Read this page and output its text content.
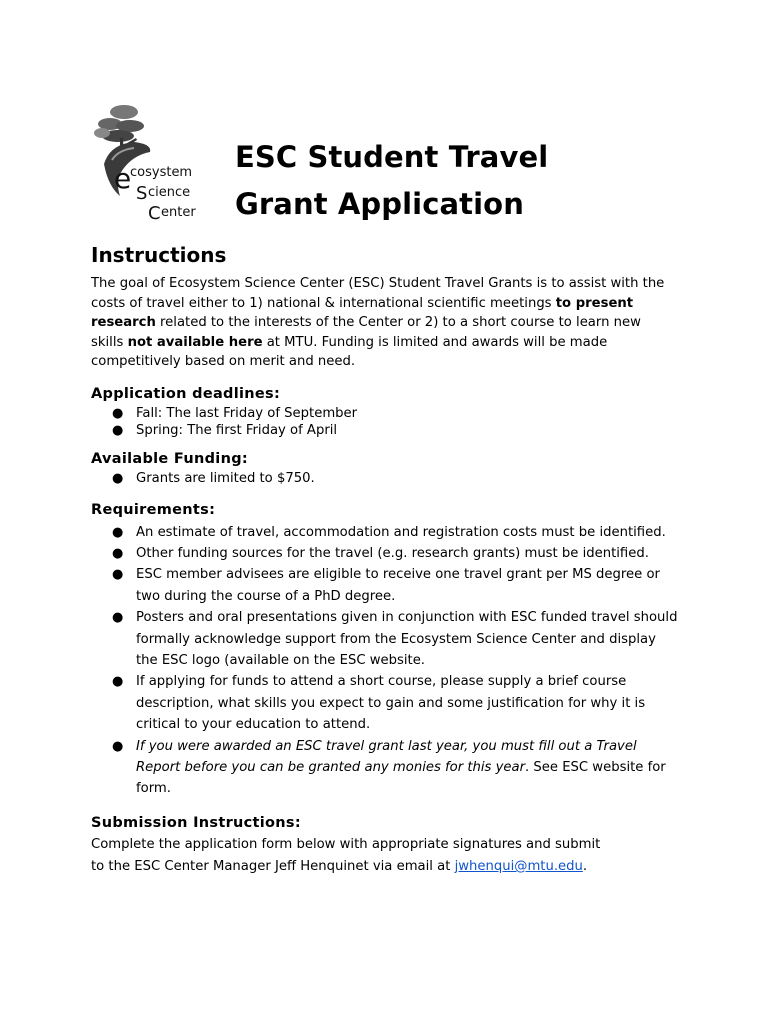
e
cosystem
S cience
C enter
ESC Student Travel
Grant Application
Instructions

The goal of Ecosystem Science Center (ESC) Student Travel Grants is to assist with the costs of travel either to 1) national & international scientific meetings to present research related to the interests of the Center or 2) to a short course to learn new skills not available here at MTU. Funding is limited and awards will be made competitively based on merit and need.

Application deadlines:
● Fall: The last Friday of September
● Spring: The first Friday of April
Available Funding:
● Grants are limited to $750.
Requirements:
● An estimate of travel, accommodation and registration costs must be identified.
● Other funding sources for the travel (e.g. research grants) must be identified.
● ESC member advisees are eligible to receive one travel grant per MS degree or two during the course of a PhD degree.
● Posters and oral presentations given in conjunction with ESC funded travel should formally acknowledge support from the Ecosystem Science Center and display the ESC logo (available on the ESC website.
● If applying for funds to attend a short course, please supply a brief course description, what skills you expect to gain and some justification for why it is critical to your education to attend.
● If you were awarded an ESC travel grant last year, you must fill out a Travel Report before you can be granted any monies for this year. See ESC website for form.
Submission Instructions:

Complete the application form below with appropriate signatures and submit

to the ESC Center Manager Jeff Henquinet via email at jwhenqui@mtu.edu.
